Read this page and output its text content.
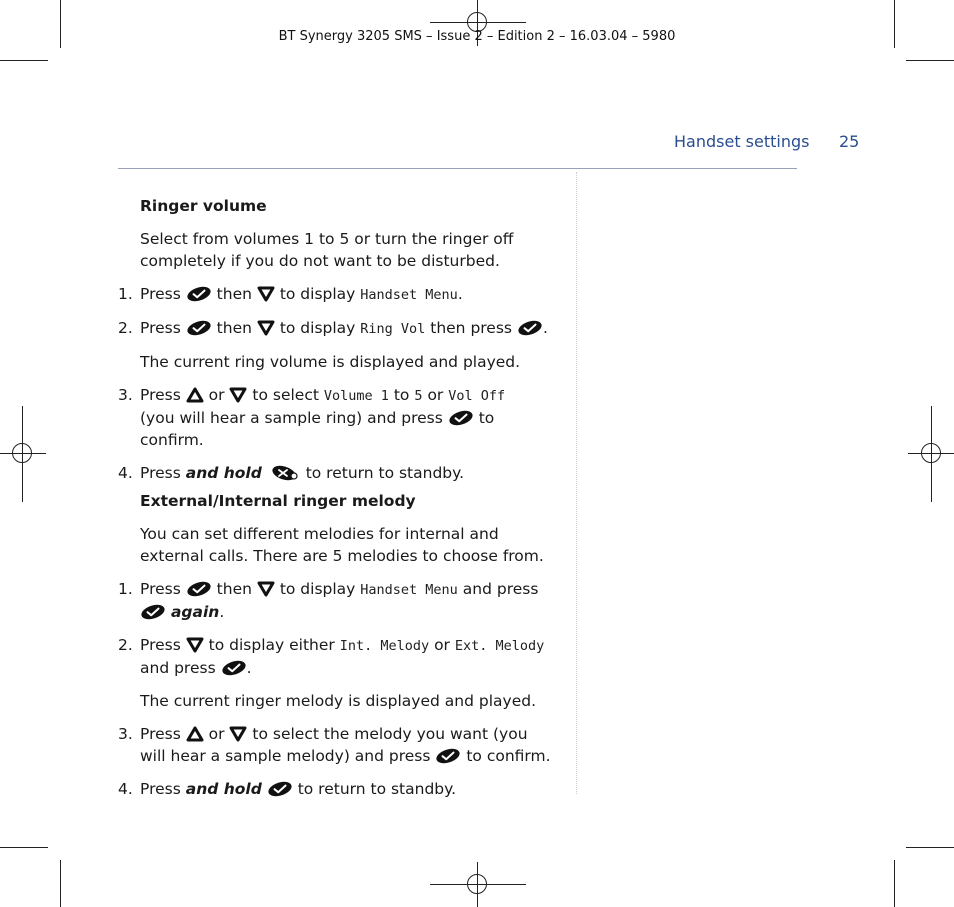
BT Synergy 3205 SMS – Issue 2 – Edition 2 – 16.03.04 – 5980
Handset settings 25

Ringer volume

Select from volumes 1 to 5 or turn the ringer off completely if you do not want to be disturbed.

1. Press then to display Handset Menu.

2. Press then to display Ring Vol then press .

The current ring volume is displayed and played.

3. Press or to select Volume 1 to 5 or Vol Off
(you will hear a sample ring) and press to confirm.

4. Press and hold	to return to standby.

External/Internal ringer melody

You can set different melodies for internal and external calls. There are 5 melodies to choose from.

1. Press then to display Handset Menu and press

again.

2. Press to display either Int. Melody or Ext. Melody
and press .

The current ringer melody is displayed and played.

3. Press or to select the melody you want (you will hear a sample melody) and press to confirm.

4. Press and hold to return to standby.
